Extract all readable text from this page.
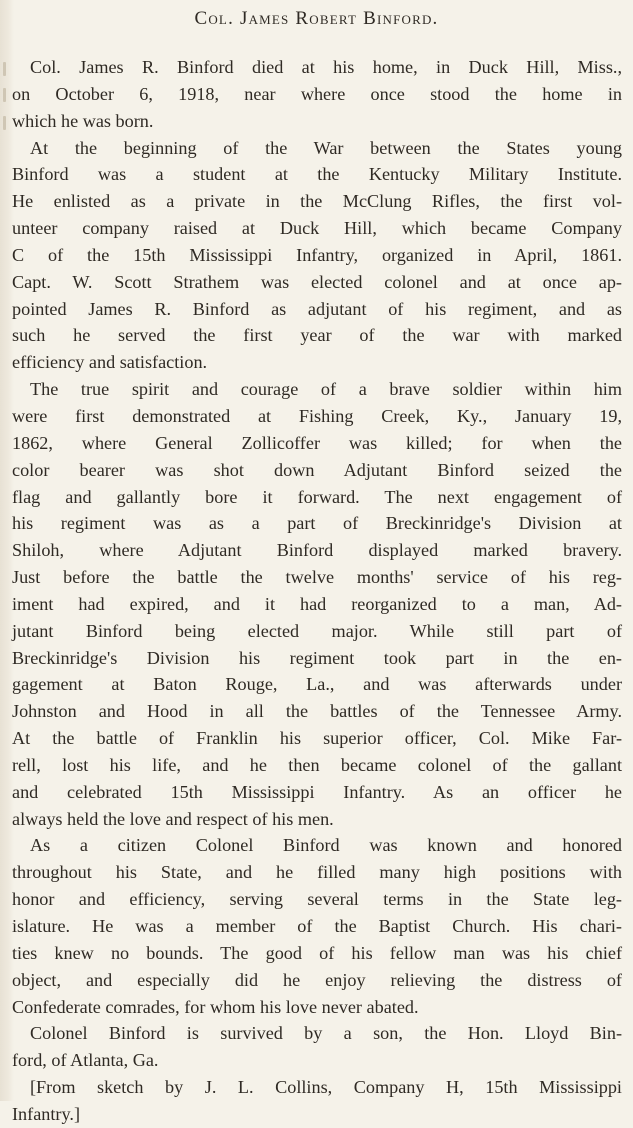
Col. James Robert Binford.
Col. James R. Binford died at his home, in Duck Hill, Miss.,
on October 6, 1918, near where once stood the home in
which he was born.
At the beginning of the War between the States young
Binford was a student at the Kentucky Military Institute.
He enlisted as a private in the McClung Rifles, the first vol-
unteer company raised at Duck Hill, which became Company
C of the 15th Mississippi Infantry, organized in April, 1861.
Capt. W. Scott Strathem was elected colonel and at once ap-
pointed James R. Binford as adjutant of his regiment, and as
such he served the first year of the war with marked
efficiency and satisfaction.
The true spirit and courage of a brave soldier within him
were first demonstrated at Fishing Creek, Ky., January 19,
1862, where General Zollicoffer was killed; for when the
color bearer was shot down Adjutant Binford seized the
flag and gallantly bore it forward. The next engagement of
his regiment was as a part of Breckinridge's Division at
Shiloh, where Adjutant Binford displayed marked bravery.
Just before the battle the twelve months' service of his reg-
iment had expired, and it had reorganized to a man, Ad-
jutant Binford being elected major. While still part of
Breckinridge's Division his regiment took part in the en-
gagement at Baton Rouge, La., and was afterwards under
Johnston and Hood in all the battles of the Tennessee Army.
At the battle of Franklin his superior officer, Col. Mike Far-
rell, lost his life, and he then became colonel of the gallant
and celebrated 15th Mississippi Infantry. As an officer he
always held the love and respect of his men.
As a citizen Colonel Binford was known and honored
throughout his State, and he filled many high positions with
honor and efficiency, serving several terms in the State leg-
islature. He was a member of the Baptist Church. His chari-
ties knew no bounds. The good of his fellow man was his chief
object, and especially did he enjoy relieving the distress of
Confederate comrades, for whom his love never abated.
Colonel Binford is survived by a son, the Hon. Lloyd Bin-
ford, of Atlanta, Ga.
[From sketch by J. L. Collins, Company H, 15th Mississippi
Infantry.]
